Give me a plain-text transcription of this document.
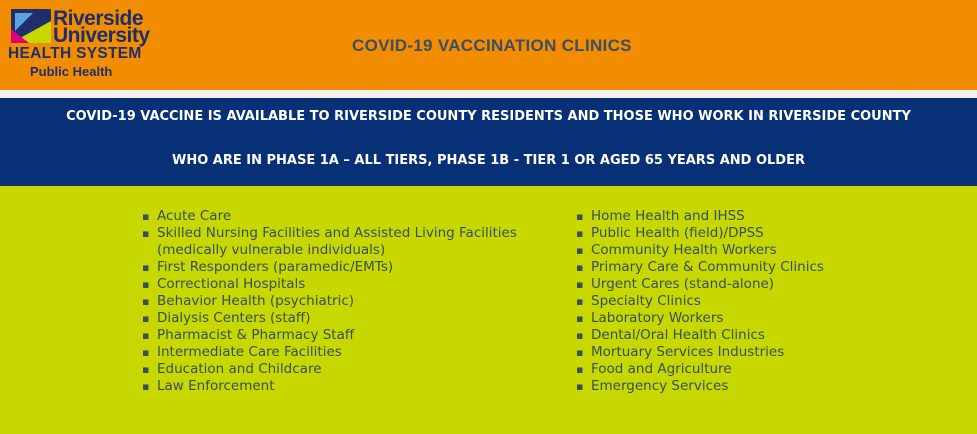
Riverside
University
HEALTH SYSTEM
Public Health
COVID-19 VACCINATION CLINICS
COVID-19 VACCINE IS AVAILABLE TO RIVERSIDE COUNTY RESIDENTS AND THOSE WHO WORK IN RIVERSIDE COUNTY
WHO ARE IN PHASE 1A – ALL TIERS, PHASE 1B - TIER 1 OR AGED 65 YEARS AND OLDER
▪ Acute Care
▪ Skilled Nursing Facilities and Assisted Living Facilities
(medically vulnerable individuals)
▪ First Responders (paramedic/EMTs)
▪ Correctional Hospitals
▪ Behavior Health (psychiatric)
▪ Dialysis Centers (staff)
▪ Pharmacist & Pharmacy Staff
▪ Intermediate Care Facilities
▪ Education and Childcare
▪ Law Enforcement
▪ Home Health and IHSS
▪ Public Health (field)/DPSS
▪ Community Health Workers
▪ Primary Care & Community Clinics
▪ Urgent Cares (stand-alone)
▪ Specialty Clinics
▪ Laboratory Workers
▪ Dental/Oral Health Clinics
▪ Mortuary Services Industries
▪ Food and Agriculture
▪ Emergency Services
